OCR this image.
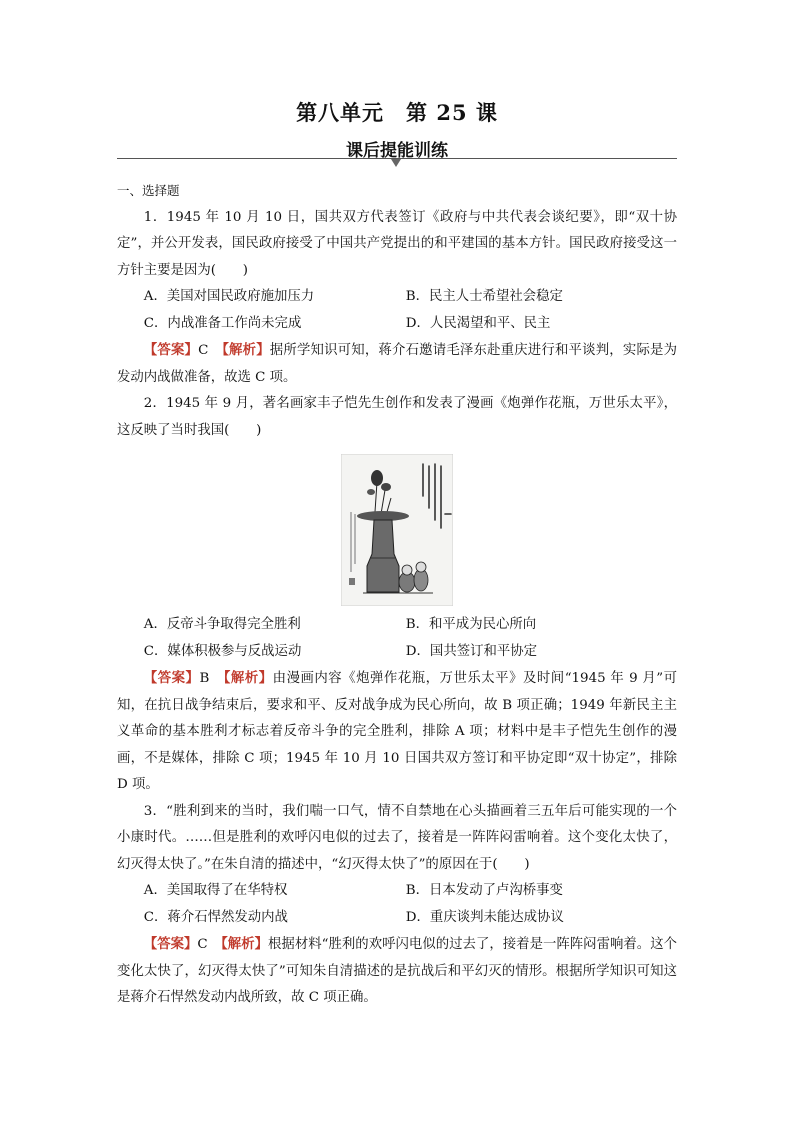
第八单元　第 25 课
课后提能训练

一、选择题

1．1945 年 10 月 10 日，国共双方代表签订《政府与中共代表会谈纪要》，即“双十协定”，并公开发表，国民政府接受了中国共产党提出的和平建国的基本方针。国民政府接受这一方针主要是因为(　　)

A．美国对国民政府施加压力	B．民主人士希望社会稳定

C．内战准备工作尚未完成	D．人民渴望和平、民主

【答案】C　 【解析】据所学知识可知，蒋介石邀请毛泽东赴重庆进行和平谈判，实际是为发动内战做准备，故选 C 项。

2．1945 年 9 月，著名画家丰子恺先生创作和发表了漫画《炮弹作花瓶，万世乐太平》，这反映了当时我国(　　)

A．反帝斗争取得完全胜利	B．和平成为民心所向

C．媒体积极参与反战运动	D．国共签订和平协定

【答案】B　 【解析】由漫画内容《炮弹作花瓶，万世乐太平》及时间“1945 年 9 月”可知，在抗日战争结束后，要求和平、反对战争成为民心所向，故 B 项正确；1949 年新民主主义革命的基本胜利才标志着反帝斗争的完全胜利，排除 A 项；材料中是丰子恺先生创作的漫画，不是媒体，排除 C 项；1945 年 10 月 10 日国共双方签订和平协定即“双十协定”，排除 D 项。

3．“胜利到来的当时，我们喘一口气，情不自禁地在心头描画着三五年后可能实现的一个小康时代。……但是胜利的欢呼闪电似的过去了，接着是一阵阵闷雷响着。这个变化太快了，幻灭得太快了。”在朱自清的描述中，“幻灭得太快了”的原因在于(　　)

A．美国取得了在华特权	B．日本发动了卢沟桥事变

C．蒋介石悍然发动内战	D．重庆谈判未能达成协议

【答案】C　 【解析】根据材料“胜利的欢呼闪电似的过去了，接着是一阵阵闷雷响着。这个变化太快了，幻灭得太快了”可知朱自清描述的是抗战后和平幻灭的情形。根据所学知识可知这是蒋介石悍然发动内战所致，故 C 项正确。
